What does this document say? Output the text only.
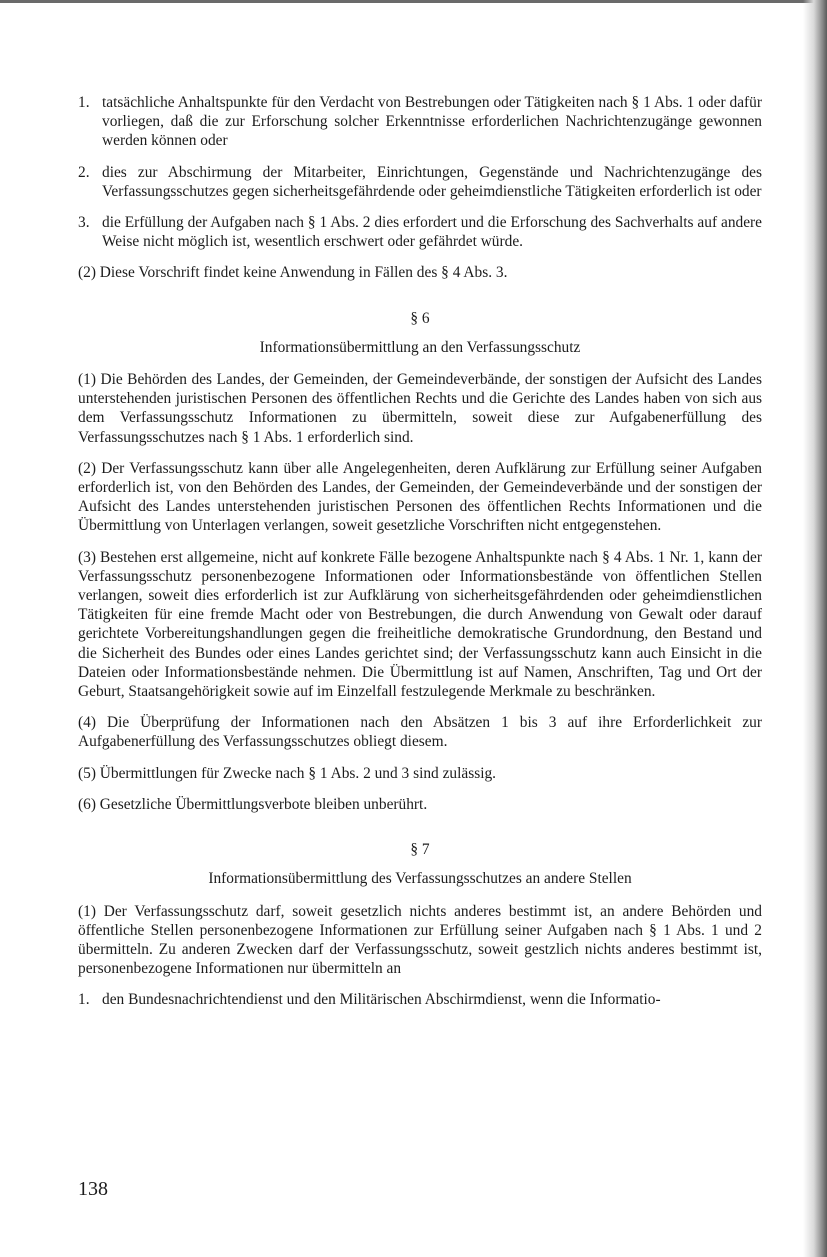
1. tatsächliche Anhaltspunkte für den Verdacht von Bestrebungen oder Tätigkeiten nach § 1 Abs. 1 oder dafür vorliegen, daß die zur Erforschung solcher Erkenntnisse erforderlichen Nachrichtenzugänge gewonnen werden können oder
2. dies zur Abschirmung der Mitarbeiter, Einrichtungen, Gegenstände und Nachrichtenzugänge des Verfassungsschutzes gegen sicherheitsgefährdende oder geheimdienstliche Tätigkeiten erforderlich ist oder
3. die Erfüllung der Aufgaben nach § 1 Abs. 2 dies erfordert und die Erforschung des Sachverhalts auf andere Weise nicht möglich ist, wesentlich erschwert oder gefährdet würde.

(2) Diese Vorschrift findet keine Anwendung in Fällen des § 4 Abs. 3.

§ 6

Informationsübermittlung an den Verfassungsschutz

(1) Die Behörden des Landes, der Gemeinden, der Gemeindeverbände, der sonstigen der Aufsicht des Landes unterstehenden juristischen Personen des öffentlichen Rechts und die Gerichte des Landes haben von sich aus dem Verfassungsschutz Informationen zu übermitteln, soweit diese zur Aufgabenerfüllung des Verfassungsschutzes nach § 1 Abs. 1 erforderlich sind.

(2) Der Verfassungsschutz kann über alle Angelegenheiten, deren Aufklärung zur Erfüllung seiner Aufgaben erforderlich ist, von den Behörden des Landes, der Gemeinden, der Gemeindeverbände und der sonstigen der Aufsicht des Landes unterstehenden juristischen Personen des öffentlichen Rechts Informationen und die Übermittlung von Unterlagen verlangen, soweit gesetzliche Vorschriften nicht entgegenstehen.

(3) Bestehen erst allgemeine, nicht auf konkrete Fälle bezogene Anhaltspunkte nach § 4 Abs. 1 Nr. 1, kann der Verfassungsschutz personenbezogene Informationen oder Informationsbestände von öffentlichen Stellen verlangen, soweit dies erforderlich ist zur Aufklärung von sicherheitsgefährdenden oder geheimdienstlichen Tätigkeiten für eine fremde Macht oder von Bestrebungen, die durch Anwendung von Gewalt oder darauf gerichtete Vorbereitungshandlungen gegen die freiheitliche demokratische Grundordnung, den Bestand und die Sicherheit des Bundes oder eines Landes gerichtet sind; der Verfassungsschutz kann auch Einsicht in die Dateien oder Informationsbestände nehmen. Die Übermittlung ist auf Namen, Anschriften, Tag und Ort der Geburt, Staatsangehörigkeit sowie auf im Einzelfall festzulegende Merkmale zu beschränken.

(4) Die Überprüfung der Informationen nach den Absätzen 1 bis 3 auf ihre Erforderlichkeit zur Aufgabenerfüllung des Verfassungsschutzes obliegt diesem.

(5) Übermittlungen für Zwecke nach § 1 Abs. 2 und 3 sind zulässig.

(6) Gesetzliche Übermittlungsverbote bleiben unberührt.

§ 7

Informationsübermittlung des Verfassungsschutzes an andere Stellen

(1) Der Verfassungsschutz darf, soweit gesetzlich nichts anderes bestimmt ist, an andere Behörden und öffentliche Stellen personenbezogene Informationen zur Erfüllung seiner Aufgaben nach § 1 Abs. 1 und 2 übermitteln. Zu anderen Zwecken darf der Verfassungsschutz, soweit gestzlich nichts anderes bestimmt ist, personenbezogene Informationen nur übermitteln an

1. den Bundesnachrichtendienst und den Militärischen Abschirmdienst, wenn die Informatio-
138
